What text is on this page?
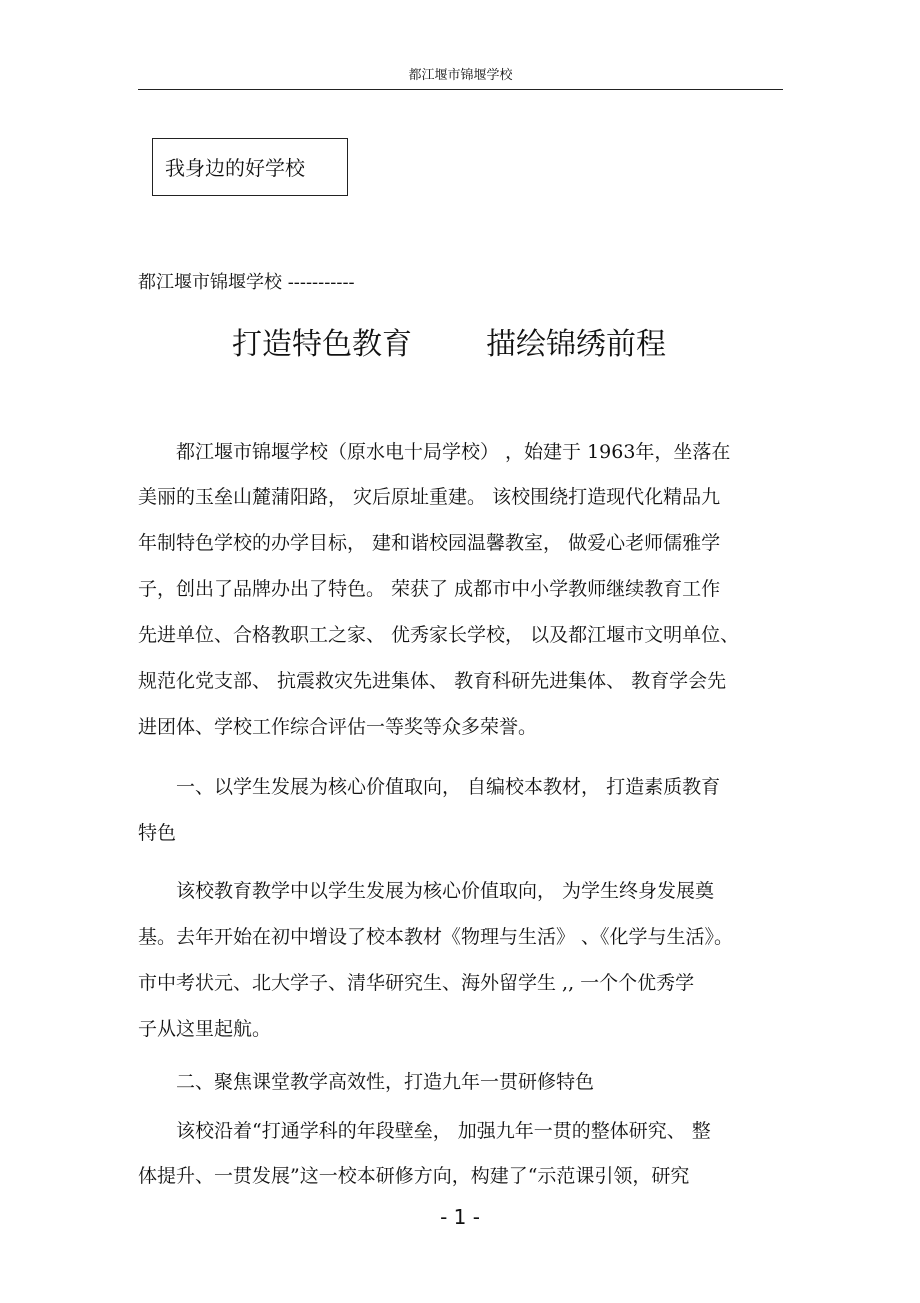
都江堰市锦堰学校
我身边的好学校
都江堰市锦堰学校 -----------
打造特色教育 描绘锦绣前程
　　都江堰市锦堰学校（原水电十局学校） ，始建于 1963年，坐落在
美丽的玉垒山麓蒲阳路， 灾后原址重建。 该校围绕打造现代化精品九
年制特色学校的办学目标， 建和谐校园温馨教室， 做爱心老师儒雅学
子，创出了品牌办出了特色。 荣获了 成都市中小学教师继续教育工作
先进单位、合格教职工之家、 优秀家长学校， 以及都江堰市文明单位、
规范化党支部、 抗震救灾先进集体、 教育科研先进集体、 教育学会先
进团体、学校工作综合评估一等奖等众多荣誉。
　　一、以学生发展为核心价值取向， 自编校本教材， 打造素质教育
特色
　　该校教育教学中以学生发展为核心价值取向， 为学生终身发展奠
基。去年开始在初中增设了校本教材《物理与生活》 、《化学与生活》。
市中考状元、北大学子、清华研究生、海外留学生 ,, 一个个优秀学
子从这里起航。
　　二、聚焦课堂教学高效性，打造九年一贯研修特色
　　该校沿着“打通学科的年段壁垒， 加强九年一贯的整体研究、 整
体提升、一贯发展”这一校本研修方向，构建了“示范课引领，研究
- 1 -
